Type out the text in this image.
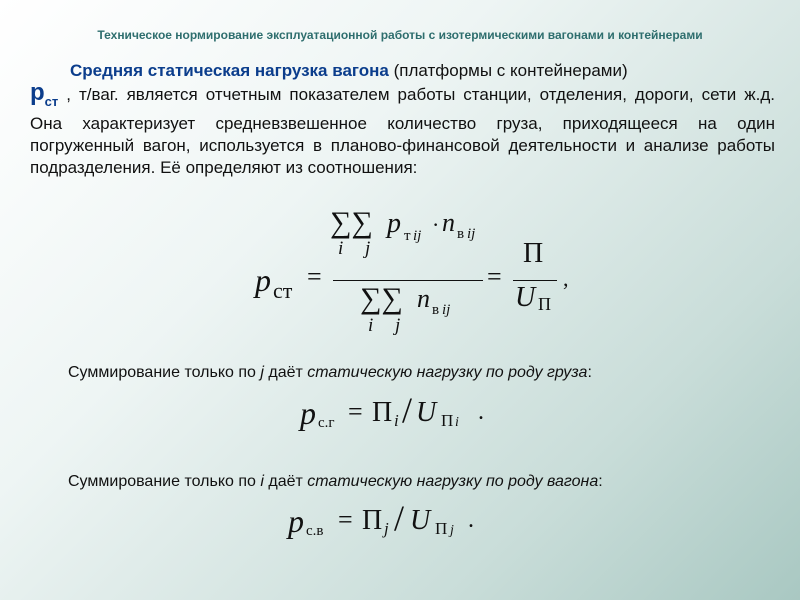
Техническое нормирование эксплуатационной работы с изотермическими вагонами и контейнерами
Средняя статическая нагрузка вагона (платформы с контейнерами)
$р_{ст}$ , т/ваг. является отчетным показателем работы станции, отделения, дороги, сети ж.д. Она характеризует средневзвешенное количество груза, приходящееся на один погруженный вагон, используется в планово-финансовой деятельности и анализе работы подразделения. Её определяют из соотношения:
∑∑
i j
p т ij · n в ij
p ст =	=
∑∑
i j
n в ij
П
U П
,
Суммирование только по j даёт статическую нагрузку по роду груза:
p с.г = П i / U П i .
Суммирование только по i даёт статическую нагрузку по роду вагона:
p с.в = П j / U П j .
